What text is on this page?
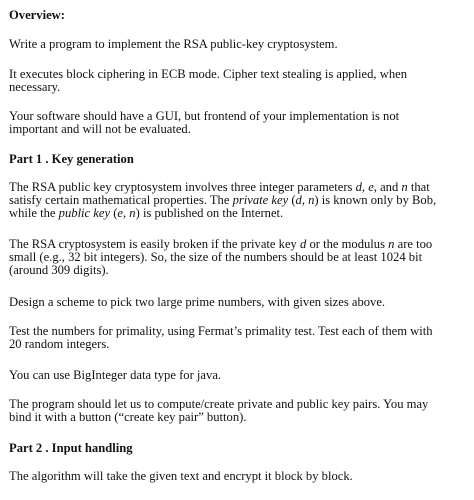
Overview:
Write a program to implement the RSA public-key cryptosystem.
It executes block ciphering in ECB mode. Cipher text stealing is applied, when
necessary.
Your software should have a GUI, but frontend of your implementation is not
important and will not be evaluated.
Part 1 . Key generation
The RSA public key cryptosystem involves three integer parameters d, e, and n that
satisfy certain mathematical properties. The private key (d, n) is known only by Bob,
while the public key (e, n) is published on the Internet.
The RSA cryptosystem is easily broken if the private key d or the modulus n are too
small (e.g., 32 bit integers). So, the size of the numbers should be at least 1024 bit
(around 309 digits).
Design a scheme to pick two large prime numbers, with given sizes above.
Test the numbers for primality, using Fermat’s primality test. Test each of them with
20 random integers.
You can use BigInteger data type for java.
The program should let us to compute/create private and public key pairs. You may
bind it with a button (“create key pair” button).
Part 2 . Input handling
The algorithm will take the given text and encrypt it block by block.
